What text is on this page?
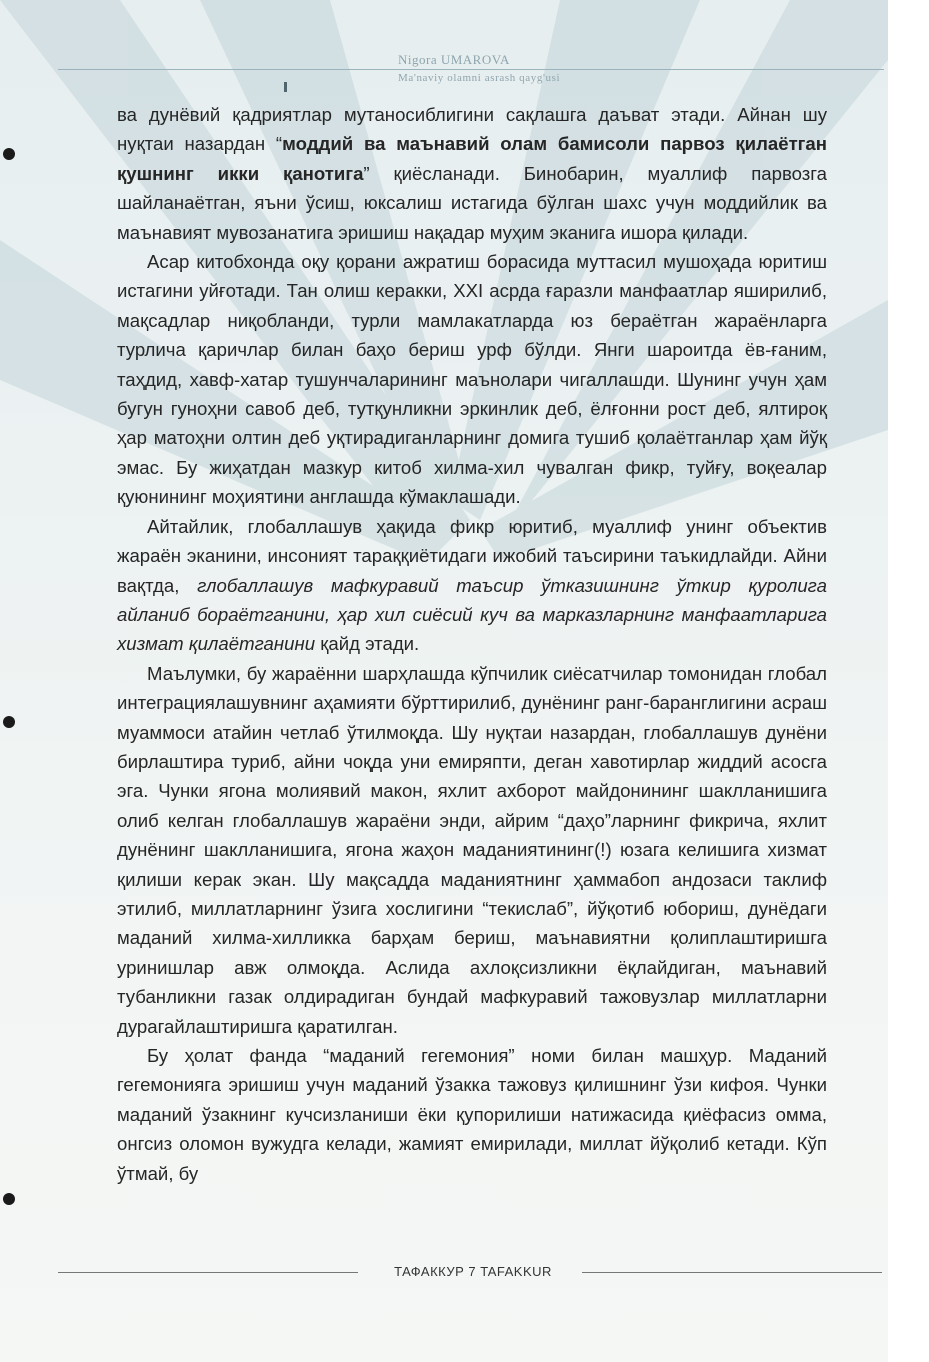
Nigora UMAROVA
Ma'naviy olamni asrash qayg'usi

ва дунёвий қадриятлар мутаносиблигини сақлашга даъват этади. Айнан шу нуқтаи назардан “моддий ва маънавий олам бамисоли парвоз қилаётган қушнинг икки қанотига” қиёсланади. Бинобарин, муаллиф парвозга шайланаётган, яъни ўсиш, юксалиш истагида бўлган шахс учун моддийлик ва маънавият мувозанатига эришиш нақадар муҳим эканига ишора қилади.

Асар китобхонда оқу қорани ажратиш борасида муттасил мушоҳада юритиш истагини уйғотади. Тан олиш керакки, XXI асрда ғаразли манфаатлар яширилиб, мақсадлар ниқобланди, турли мамлакатларда юз бераётган жараёнларга турлича қаричлар билан баҳо бериш урф бўлди. Янги шароитда ёв-ғаним, таҳдид, хавф-хатар тушунчаларининг маънолари чигаллашди. Шунинг учун ҳам бугун гуноҳни савоб деб, тутқунликни эркинлик деб, ёлғонни рост деб, ялтироқ ҳар матоҳни олтин деб уқтирадиганларнинг домига тушиб қолаётганлар ҳам йўқ эмас. Бу жиҳатдан мазкур китоб хилма-хил чувалган фикр, туйғу, воқеалар қуюнининг моҳиятини англашда кўмаклашади.

Айтайлик, глобаллашув ҳақида фикр юритиб, муаллиф унинг объектив жараён эканини, инсоният тараққиётидаги ижобий таъсирини таъкидлайди. Айни вақтда, глобаллашув мафкуравий таъсир ўтказишнинг ўткир қуролига айланиб бораётганини, ҳар хил сиёсий куч ва марказларнинг манфаатларига хизмат қилаётганини қайд этади.

Маълумки, бу жараённи шарҳлашда кўпчилик сиёсатчилар томонидан глобал интеграциялашувнинг аҳамияти бўрттирилиб, дунёнинг ранг-баранглигини асраш муаммоси атайин четлаб ўтилмоқда. Шу нуқтаи назардан, глобаллашув дунёни бирлаштира туриб, айни чоқда уни емиряпти, деган хавотирлар жиддий асосга эга. Чунки ягона молиявий макон, яхлит ахборот майдонининг шаклланишига олиб келган глобаллашув жараёни энди, айрим “даҳо”ларнинг фикрича, яхлит дунёнинг шаклланишига, ягона жаҳон маданиятининг(!) юзага келишига хизмат қилиши керак экан. Шу мақсадда маданиятнинг ҳаммабоп андозаси таклиф этилиб, миллатларнинг ўзига хослигини “текислаб”, йўқотиб юбориш, дунёдаги маданий хилма-хилликка барҳам бериш, маънавиятни қолиплаштиришга уринишлар авж олмоқда. Аслида ахлоқсизликни ёқлайдиган, маънавий тубанликни газак олдирадиган бундай мафкуравий тажовузлар миллатларни дурагайлаштиришга қаратилган.

Бу ҳолат фанда “маданий гегемония” номи билан машҳур. Маданий гегемонияга эришиш учун маданий ўзакка тажовуз қилишнинг ўзи кифоя. Чунки маданий ўзакнинг кучсизланиши ёки қупорилиши натижасида қиёфасиз омма, онгсиз оломон вужудга келади, жамият емирилади, миллат йўқолиб кетади. Кўп ўтмай, бу

ТАФАККУР 7 TAFAKKUR
